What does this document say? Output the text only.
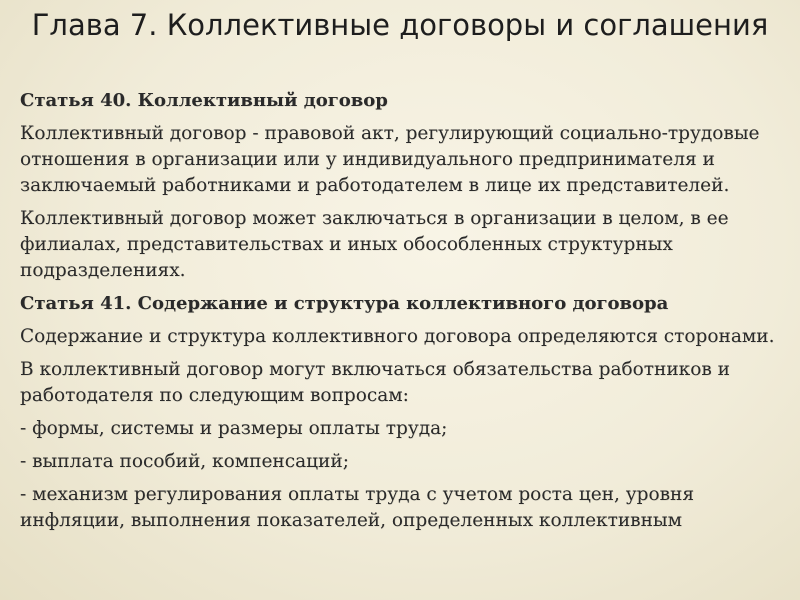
Глава 7. Коллективные договоры и соглашения

Статья 40. Коллективный договор

Коллективный договор - правовой акт, регулирующий социально-трудовые отношения в организации или у индивидуального предпринимателя и заключаемый работниками и работодателем в лице их представителей.

Коллективный договор может заключаться в организации в целом, в ее филиалах, представительствах и иных обособленных структурных подразделениях.

Статья 41. Содержание и структура коллективного договора

Содержание и структура коллективного договора определяются сторонами.

В коллективный договор могут включаться обязательства работников и работодателя по следующим вопросам:

- формы, системы и размеры оплаты труда;

- выплата пособий, компенсаций;

- механизм регулирования оплаты труда с учетом роста цен, уровня инфляции, выполнения показателей, определенных коллективным
